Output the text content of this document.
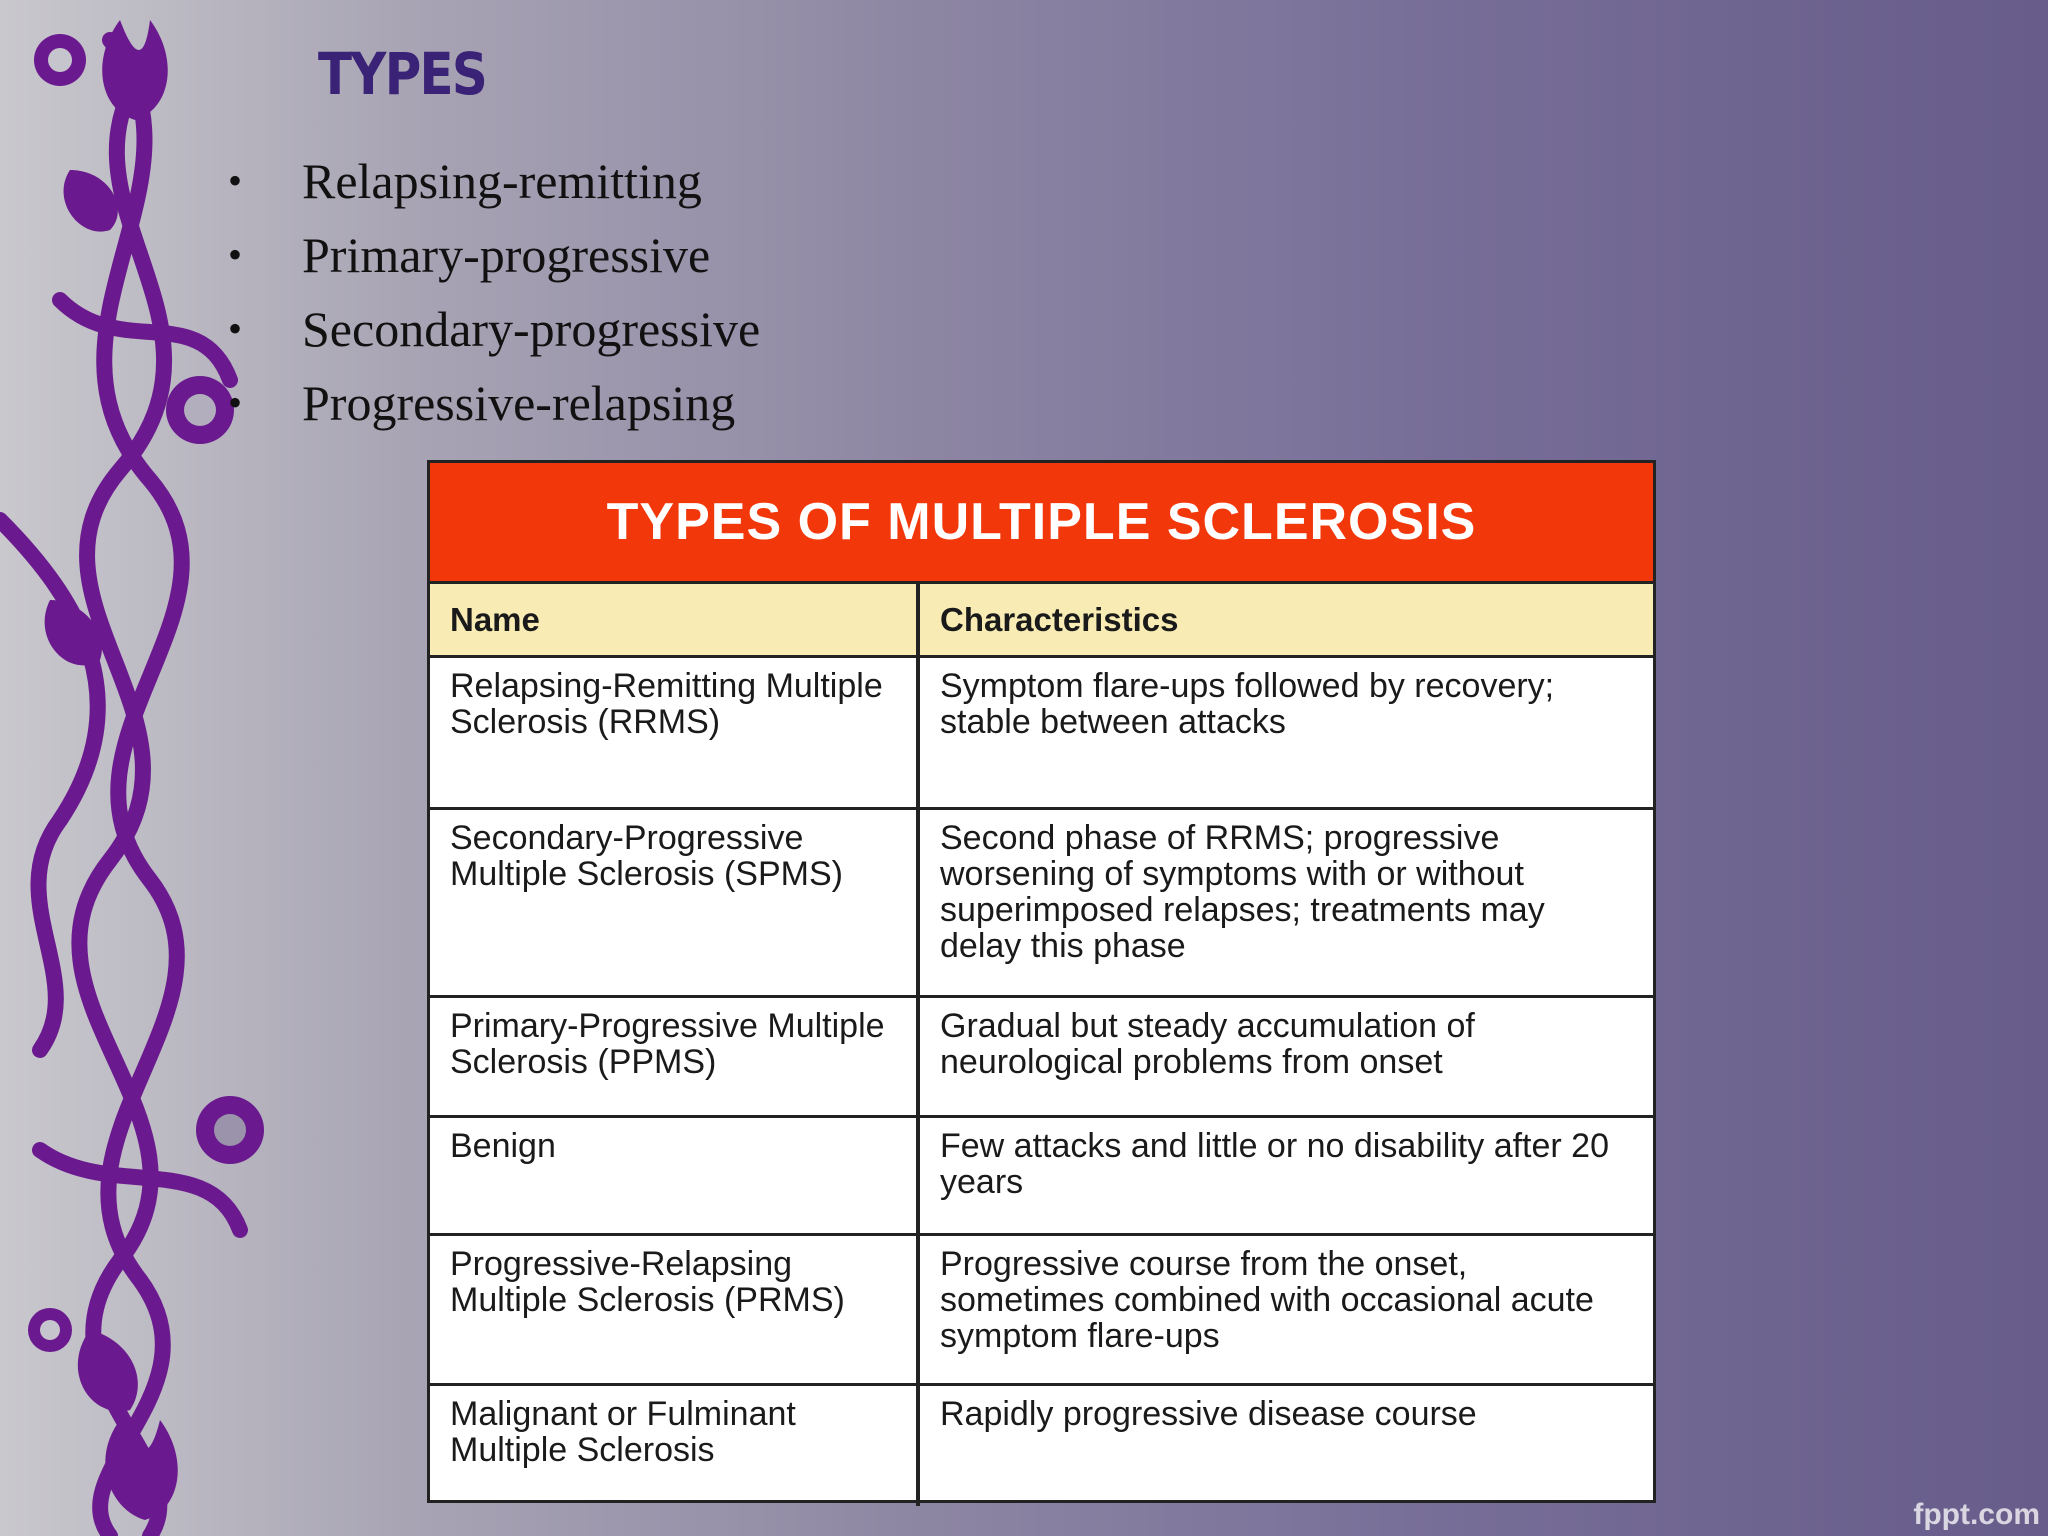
TYPES
• Relapsing-remitting
• Primary-progressive
• Secondary-progressive
• Progressive-relapsing
TYPES OF MULTIPLE SCLEROSIS
Name	Characteristics
Relapsing-Remitting Multiple Sclerosis (RRMS)
Symptom flare-ups followed by recovery; stable between attacks
Secondary-Progressive Multiple Sclerosis (SPMS)
Second phase of RRMS; progressive worsening of symptoms with or without superimposed relapses; treatments may delay this phase
Primary-Progressive Multiple Sclerosis (PPMS)
Gradual but steady accumulation of neurological problems from onset
Benign	Few attacks and little or no disability after 20 years
Progressive-Relapsing Multiple Sclerosis (PRMS)
Progressive course from the onset, sometimes combined with occasional acute symptom flare-ups
Malignant or Fulminant Multiple Sclerosis
Rapidly progressive disease course
fppt.com
